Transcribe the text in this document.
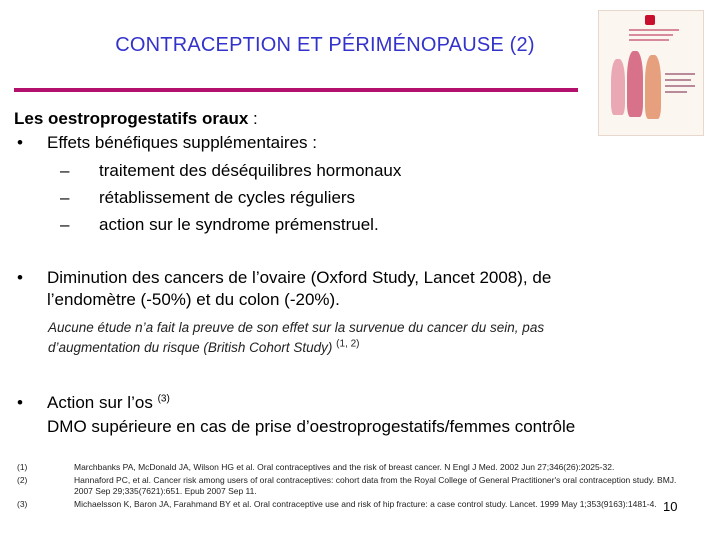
CONTRACEPTION ET PÉRIMÉNOPAUSE (2)
Les oestroprogestatifs oraux :
• Effets bénéfiques supplémentaires :
– traitement des déséquilibres hormonaux
– rétablissement de cycles réguliers
– action sur le syndrome prémenstruel.
• Diminution des cancers de l’ovaire (Oxford Study, Lancet 2008), de
l’endomètre (-50%) et du colon (-20%).
Aucune étude n’a fait la preuve de son effet sur la survenue du cancer du sein, pas
d’augmentation du risque (British Cohort Study) $^{(1, 2)}$
• Action sur l’os $^{(3)}$
DMO supérieure en cas de prise d’oestroprogestatifs/femmes contrôle
(1)	Marchbanks PA, McDonald JA, Wilson HG et al. Oral contraceptives and the risk of breast cancer. N Engl J Med. 2002 Jun 27;346(26):2025-32.
(2)	Hannaford PC, et al. Cancer risk among users of oral contraceptives: cohort data from the Royal College of General Practitioner's oral contraception study. BMJ.
2007 Sep 29;335(7621):651. Epub 2007 Sep 11.
(3)	Michaelsson K, Baron JA, Farahmand BY et al. Oral contraceptive use and risk of hip fracture: a case control study. Lancet. 1999 May 1;353(9163):1481-4. 10
